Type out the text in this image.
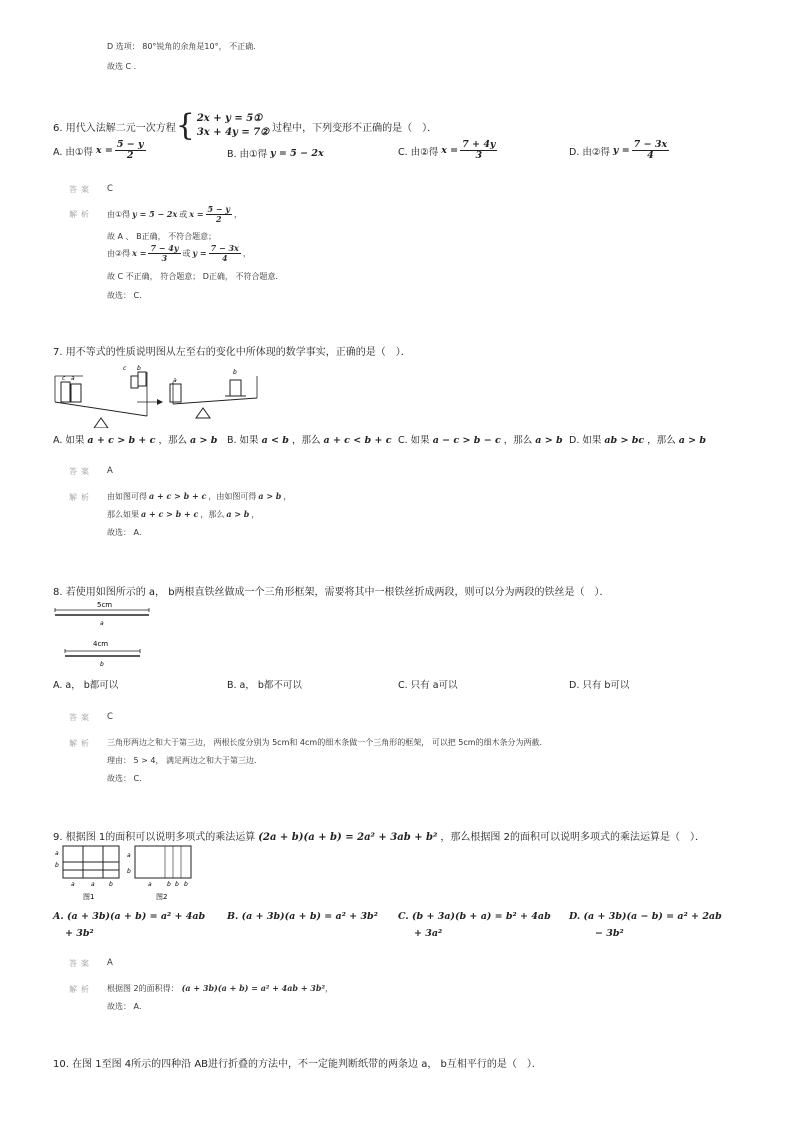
D 选项： 80°锐角的余角是10°， 不正确．
故选 C ．
6. 用代入法解二元一次方程 { 2x + y = 5①
3x + 4y = 7② 过程中，下列变形不正确的是（　）．
A. 由①得 $x = \frac{5 - y}{2}$	B. 由①得 y = 5 − 2x	C. 由②得 $x = \frac{7 + 4y}{3}$	D. 由②得 $y = \frac{7 - 3x}{4}$
答案 C
解析 由①得 y = 5 − 2x 或 $x = \frac{5 - y}{2}$ ，
故 A 、 B正确， 不符合题意；
由②得 $x = \frac{7 - 4y}{3}$ 或 $y = \frac{7 - 3x}{4}$ ，
故 C 不正确， 符合题意； D正确， 不符合题意．
故选： C．
7. 用不等式的性质说明图从左至右的变化中所体现的数学事实，正确的是（　）．
c a
c b
a
b
A. 如果 a + c > b + c ，那么 a > b B. 如果 a < b ，那么 a + c < b + c C. 如果 a − c > b − c ，那么 a > b D. 如果 ab > bc ，那么 a > b
答案 A
解析 由如图可得 a + c > b + c ，由如图可得 a > b ，
那么如果 a + c > b + c ，那么 a > b ，
故选： A．
8. 若使用如图所示的 a， b两根直铁丝做成一个三角形框架，需要将其中一根铁丝折成两段，则可以分为两段的铁丝是（　）．
5cm
a
4cm
b
A. a， b都可以	B. a， b都不可以	C. 只有 a可以	D. 只有 b可以
答案 C
解析 三角形两边之和大于第三边， 两根长度分别为 5cm和 4cm的细木条做一个三角形的框架， 可以把 5cm的细木条分为两截．
理由： 5 > 4， 满足两边之和大于第三边．
故选： C．
9. 根据图 1的面积可以说明多项式的乘法运算 (2a + b)(a + b) = 2a² + 3ab + b² ，那么根据图 2的面积可以说明多项式的乘法运算是（　）．
a
b
a	a b
图1
a
b
a	b b b
图2
A. (a + 3b)(a + b) = a² + 4ab
+ 3b²
B. (a + 3b)(a + b) = a² + 3b² C. (b + 3a)(b + a) = b² + 4ab
+ 3a²
D. (a + 3b)(a − b) = a² + 2ab
− 3b²
答案 A
解析 根据图 2的面积得： (a + 3b)(a + b) = a² + 4ab + 3b²，
故选： A．
10. 在图 1至图 4所示的四种沿 AB进行折叠的方法中，不一定能判断纸带的两条边 a， b互相平行的是（　）．
